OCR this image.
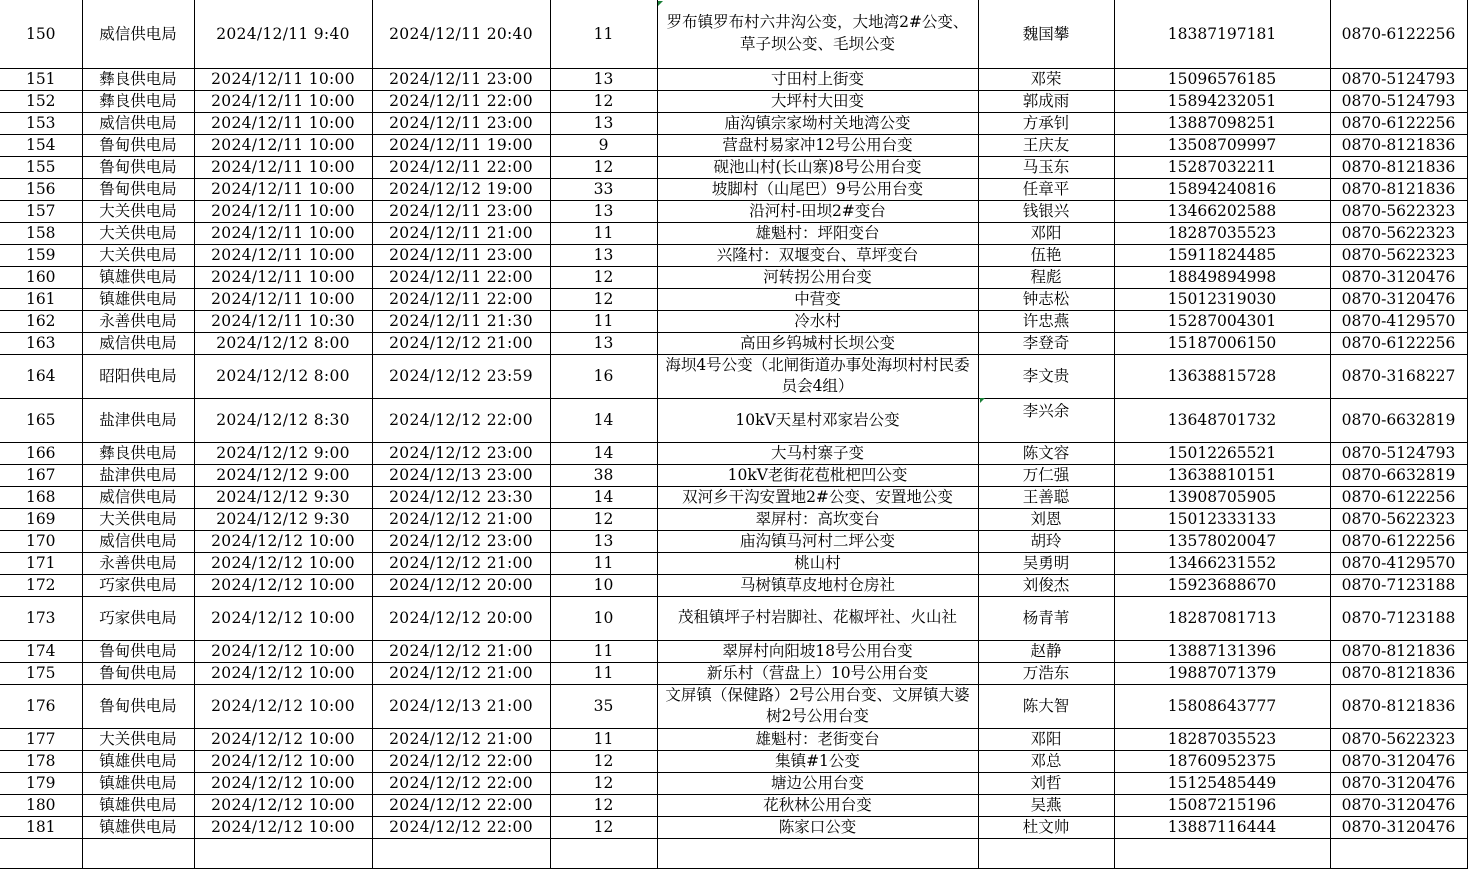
150	威信供电局	2024/12/11 9:40	2024/12/11 20:40	11	罗布镇罗布村六井沟公变，大地湾2#公变、草子坝公变、毛坝公变	魏国攀	18387197181	0870-6122256
151	彝良供电局	2024/12/11 10:00	2024/12/11 23:00	13	寸田村上街变	邓荣	15096576185	0870-5124793
152	彝良供电局	2024/12/11 10:00	2024/12/11 22:00	12	大坪村大田变	郭成雨	15894232051	0870-5124793
153	威信供电局	2024/12/11 10:00	2024/12/11 23:00	13	庙沟镇宗家坳村关地湾公变	方承钊	13887098251	0870-6122256
154	鲁甸供电局	2024/12/11 10:00	2024/12/11 19:00	9	营盘村易家冲12号公用台变	王庆友	13508709997	0870-8121836
155	鲁甸供电局	2024/12/11 10:00	2024/12/11 22:00	12	砚池山村(长山寨)8号公用台变	马玉东	15287032211	0870-8121836
156	鲁甸供电局	2024/12/11 10:00	2024/12/12 19:00	33	坡脚村（山尾巴）9号公用台变	任章平	15894240816	0870-8121836
157	大关供电局	2024/12/11 10:00	2024/12/11 23:00	13	沿河村-田坝2#变台	钱银兴	13466202588	0870-5622323
158	大关供电局	2024/12/11 10:00	2024/12/11 21:00	11	雄魁村：坪阳变台	邓阳	18287035523	0870-5622323
159	大关供电局	2024/12/11 10:00	2024/12/11 23:00	13	兴隆村：双堰变台、草坪变台	伍艳	15911824485	0870-5622323
160	镇雄供电局	2024/12/11 10:00	2024/12/11 22:00	12	河转拐公用台变	程彪	18849894998	0870-3120476
161	镇雄供电局	2024/12/11 10:00	2024/12/11 22:00	12	中营变	钟志松	15012319030	0870-3120476
162	永善供电局	2024/12/11 10:30	2024/12/11 21:30	11	冷水村	许忠燕	15287004301	0870-4129570
163	威信供电局	2024/12/12 8:00	2024/12/12 21:00	13	高田乡钨城村长坝公变	李登奇	15187006150	0870-6122256
164	昭阳供电局	2024/12/12 8:00	2024/12/12 23:59	16	海坝4号公变（北闸街道办事处海坝村村民委员会4组）	李文贵	13638815728	0870-3168227
165	盐津供电局	2024/12/12 8:30	2024/12/12 22:00	14	10kV天星村邓家岩公变	李兴余	13648701732	0870-6632819
166	彝良供电局	2024/12/12 9:00	2024/12/12 23:00	14	大马村寨子变	陈文容	15012265521	0870-5124793
167	盐津供电局	2024/12/12 9:00	2024/12/13 23:00	38	10kV老街花苞枇杷凹公变	万仁强	13638810151	0870-6632819
168	威信供电局	2024/12/12 9:30	2024/12/12 23:30	14	双河乡干沟安置地2#公变、安置地公变	王善聪	13908705905	0870-6122256
169	大关供电局	2024/12/12 9:30	2024/12/12 21:00	12	翠屏村：高坎变台	刘恩	15012333133	0870-5622323
170	威信供电局	2024/12/12 10:00	2024/12/12 23:00	13	庙沟镇马河村二坪公变	胡玲	13578020047	0870-6122256
171	永善供电局	2024/12/12 10:00	2024/12/12 21:00	11	桃山村	吴勇明	13466231552	0870-4129570
172	巧家供电局	2024/12/12 10:00	2024/12/12 20:00	10	马树镇草皮地村仓房社	刘俊杰	15923688670	0870-7123188
173	巧家供电局	2024/12/12 10:00	2024/12/12 20:00	10	茂租镇坪子村岩脚社、花椒坪社、火山社	杨青苇	18287081713	0870-7123188
174	鲁甸供电局	2024/12/12 10:00	2024/12/12 21:00	11	翠屏村向阳坡18号公用台变	赵静	13887131396	0870-8121836
175	鲁甸供电局	2024/12/12 10:00	2024/12/12 21:00	11	新乐村（营盘上）10号公用台变	万浩东	19887071379	0870-8121836
176	鲁甸供电局	2024/12/12 10:00	2024/12/13 21:00	35	文屏镇（保健路）2号公用台变、文屏镇大婆树2号公用台变	陈大智	15808643777	0870-8121836
177	大关供电局	2024/12/12 10:00	2024/12/12 21:00	11	雄魁村：老街变台	邓阳	18287035523	0870-5622323
178	镇雄供电局	2024/12/12 10:00	2024/12/12 22:00	12	集镇#1公变	邓总	18760952375	0870-3120476
179	镇雄供电局	2024/12/12 10:00	2024/12/12 22:00	12	塘边公用台变	刘哲	15125485449	0870-3120476
180	镇雄供电局	2024/12/12 10:00	2024/12/12 22:00	12	花秋林公用台变	吴燕	15087215196	0870-3120476
181	镇雄供电局	2024/12/12 10:00	2024/12/12 22:00	12	陈家口公变	杜文帅	13887116444	0870-3120476
